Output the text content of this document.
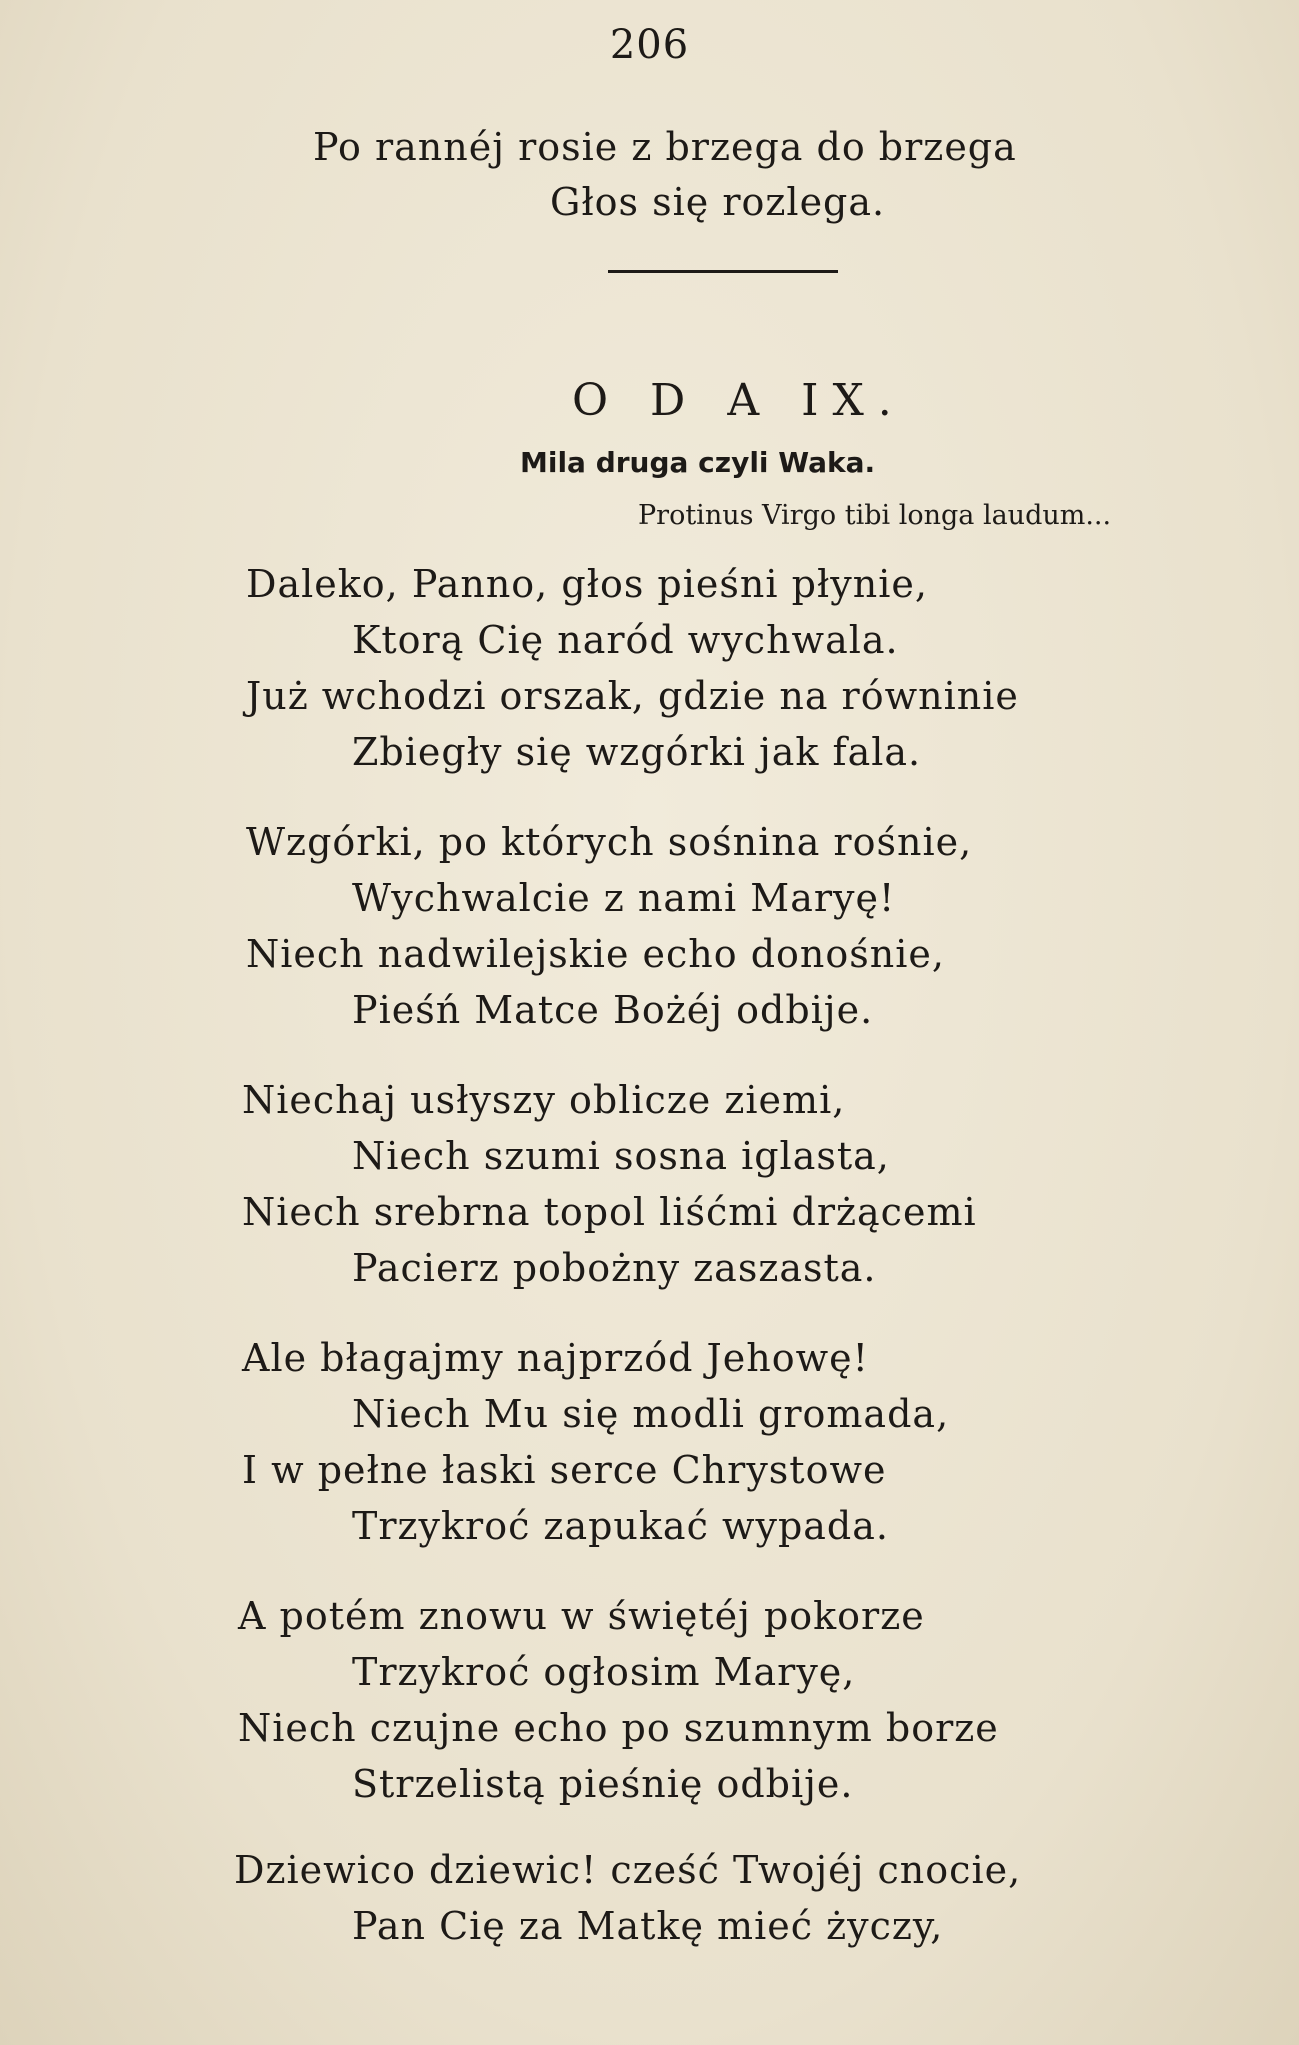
206
Po rannéj rosie z brzega do brzega
Głos się rozlega.
O D A IX.
Mila druga czyli Waka.
Protinus Virgo tibi longa laudum...
Daleko, Panno, głos pieśni płynie,
Ktorą Cię naród wychwala.
Już wchodzi orszak, gdzie na równinie
Zbiegły się wzgórki jak fala.
Wzgórki, po których sośnina rośnie,
Wychwalcie z nami Maryę!
Niech nadwilejskie echo donośnie,
Pieśń Matce Bożéj odbije.
Niechaj usłyszy oblicze ziemi,
Niech szumi sosna iglasta,
Niech srebrna topol liśćmi drżącemi
Pacierz pobożny zaszasta.
Ale błagajmy najprzód Jehowę!
Niech Mu się modli gromada,
I w pełne łaski serce Chrystowe
Trzykroć zapukać wypada.
A potém znowu w świętéj pokorze
Trzykroć ogłosim Maryę,
Niech czujne echo po szumnym borze
Strzelistą pieśnię odbije.
Dziewico dziewic! cześć Twojéj cnocie,
Pan Cię za Matkę mieć życzy,
